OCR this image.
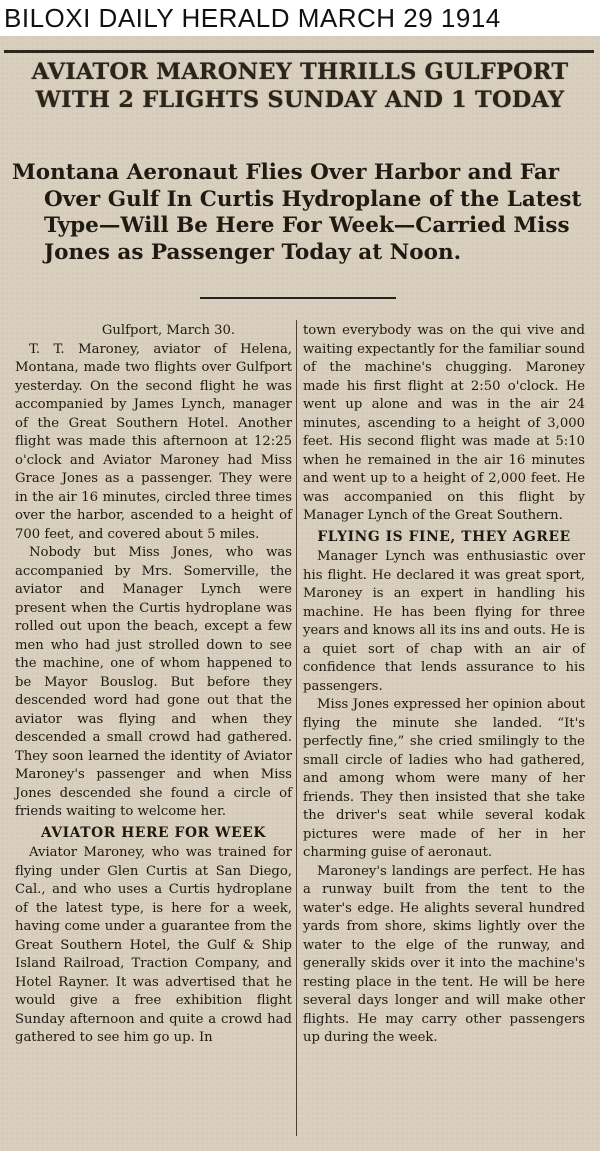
BILOXI DAILY HERALD MARCH 29 1914
AVIATOR MARONEY THRILLS GULFPORT
WITH 2 FLIGHTS SUNDAY AND 1 TODAY
Montana Aeronaut Flies Over Harbor and Far
Over Gulf In Curtis Hydroplane of the Latest
Type—Will Be Here For Week—Carried Miss
Jones as Passenger Today at Noon.

Gulfport, March 30.

T. T. Maroney, aviator of Helena, Montana, made two flights over Gulfport yesterday. On the second flight he was accompanied by James Lynch, manager of the Great Southern Hotel. Another flight was made this afternoon at 12:25 o'clock and Aviator Maroney had Miss Grace Jones as a passenger. They were in the air 16 minutes, circled three times over the harbor, ascended to a height of 700 feet, and covered about 5 miles.

Nobody but Miss Jones, who was accompanied by Mrs. Somerville, the aviator and Manager Lynch were present when the Curtis hydroplane was rolled out upon the beach, except a few men who had just strolled down to see the machine, one of whom happened to be Mayor Bouslog. But before they descended word had gone out that the aviator was flying and when they descended a small crowd had gathered. They soon learned the identity of Aviator Maroney's passenger and when Miss Jones descended she found a circle of friends waiting to welcome her.

AVIATOR HERE FOR WEEK

Aviator Maroney, who was trained for flying under Glen Curtis at San Diego, Cal., and who uses a Curtis hydroplane of the latest type, is here for a week, having come under a guarantee from the Great Southern Hotel, the Gulf & Ship Island Railroad, Traction Company, and Hotel Rayner. It was advertised that he would give a free exhibition flight Sunday afternoon and quite a crowd had gathered to see him go up. In

town everybody was on the qui vive and waiting expectantly for the familiar sound of the machine's chugging. Maroney made his first flight at 2:50 o'clock. He went up alone and was in the air 24 minutes, ascending to a height of 3,000 feet. His second flight was made at 5:10 when he remained in the air 16 minutes and went up to a height of 2,000 feet. He was accompanied on this flight by Manager Lynch of the Great Southern.

FLYING IS FINE, THEY AGREE

Manager Lynch was enthusiastic over his flight. He declared it was great sport, Maroney is an expert in handling his machine. He has been flying for three years and knows all its ins and outs. He is a quiet sort of chap with an air of confidence that lends assurance to his passengers.

Miss Jones expressed her opinion about flying the minute she landed. “It's perfectly fine,” she cried smilingly to the small circle of ladies who had gathered, and among whom were many of her friends. They then insisted that she take the driver's seat while several kodak pictures were made of her in her charming guise of aeronaut.

Maroney's landings are perfect. He has a runway built from the tent to the water's edge. He alights several hundred yards from shore, skims lightly over the water to the elge of the runway, and generally skids over it into the machine's resting place in the tent. He will be here several days longer and will make other flights. He may carry other passengers up during the week.
